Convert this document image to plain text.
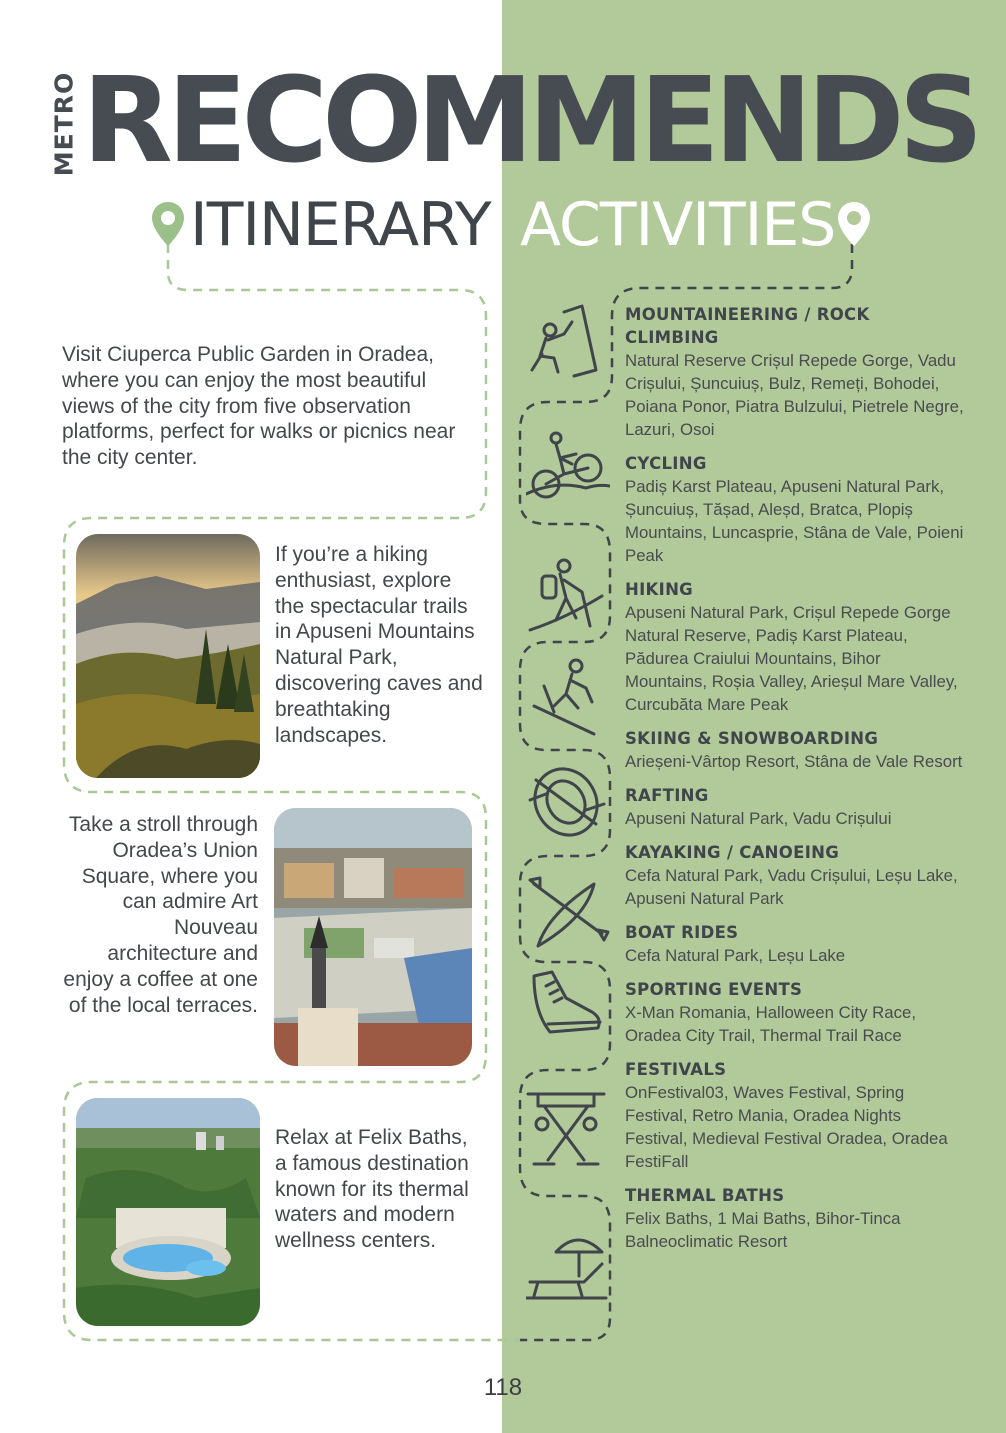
METRO RECOMMENDS
ITINERARY ACTIVITIES
Visit Ciuperca Public Garden in Oradea, where you can enjoy the most beautiful views of the city from five observation platforms, perfect for walks or picnics near the city center.
If you’re a hiking enthusiast, explore the spectacular trails in Apuseni Mountains Natural Park, discovering caves and breathtaking landscapes.
Take a stroll through Oradea’s Union Square, where you can admire Art Nouveau architecture and enjoy a coffee at one of the local terraces.
Relax at Felix Baths, a famous destination known for its thermal waters and modern wellness centers.
MOUNTAINEERING / ROCK CLIMBING
Natural Reserve Crișul Repede Gorge, Vadu Crișului, Șuncuiuș, Bulz, Remeți, Bohodei, Poiana Ponor, Piatra Bulzului, Pietrele Negre, Lazuri, Osoi
CYCLING
Padiș Karst Plateau, Apuseni Natural Park, Șuncuiuș, Tășad, Aleșd, Bratca, Plopiș Mountains, Luncasprie, Stâna de Vale, Poieni Peak
HIKING
Apuseni Natural Park, Crișul Repede Gorge Natural Reserve, Padiș Karst Plateau, Pădurea Craiului Mountains, Bihor Mountains, Roșia Valley, Arieșul Mare Valley, Curcubăta Mare Peak
SKIING & SNOWBOARDING
Arieșeni-Vârtop Resort, Stâna de Vale Resort
RAFTING
Apuseni Natural Park, Vadu Crișului
KAYAKING / CANOEING
Cefa Natural Park, Vadu Crișului, Leșu Lake, Apuseni Natural Park
BOAT RIDES
Cefa Natural Park, Leșu Lake
SPORTING EVENTS
X-Man Romania, Halloween City Race, Oradea City Trail, Thermal Trail Race
FESTIVALS
OnFestival03, Waves Festival, Spring Festival, Retro Mania, Oradea Nights Festival, Medieval Festival Oradea, Oradea FestiFall
THERMAL BATHS
Felix Baths, 1 Mai Baths, Bihor-Tinca Balneoclimatic Resort
118
